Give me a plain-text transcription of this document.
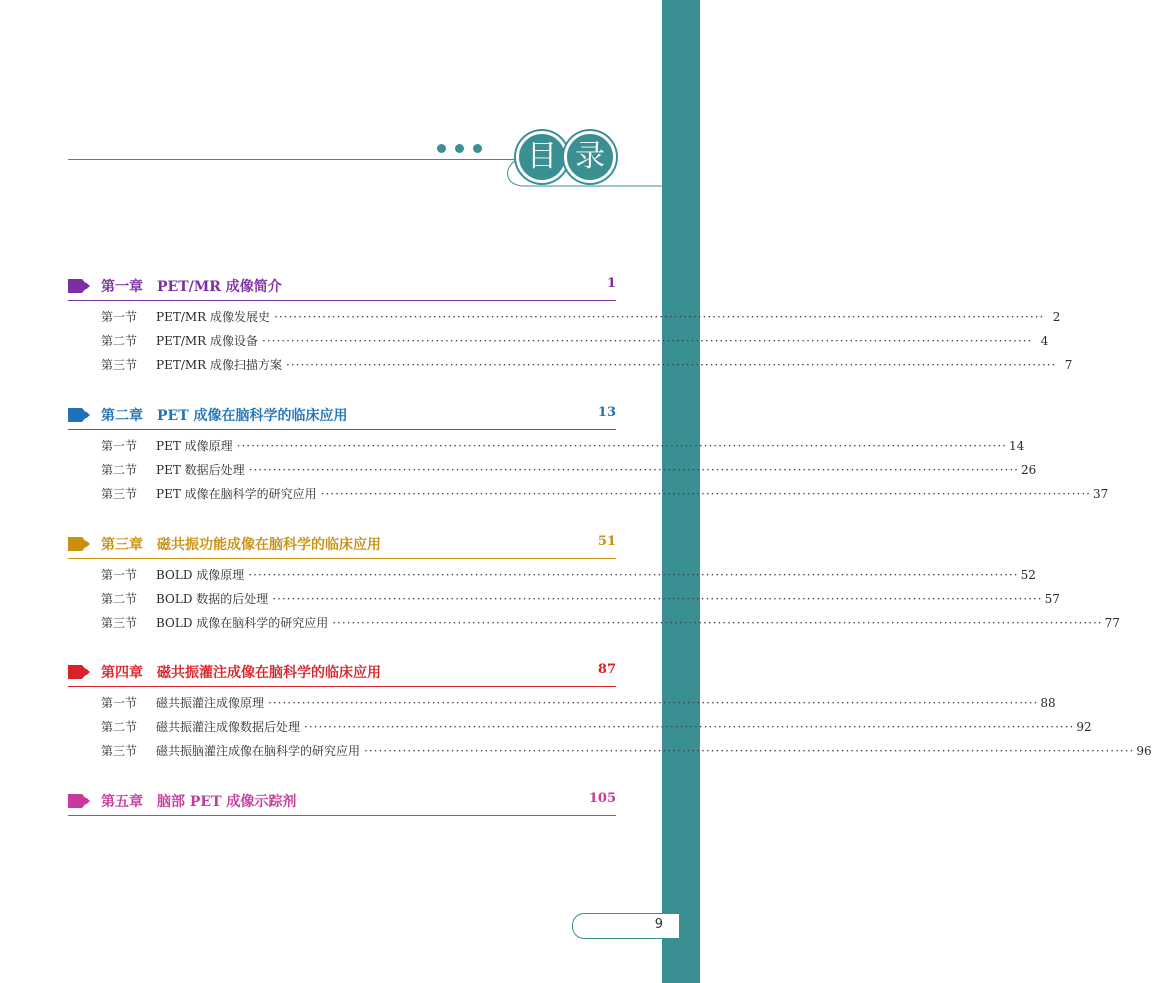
目 录
第一章　PET/MR 成像简介	1
第一节	PET/MR 成像发展史 ································································································································································ 2
第二节	PET/MR 成像设备 ································································································································································ 4
第三节	PET/MR 成像扫描方案 ································································································································································ 7
第二章　PET 成像在脑科学的临床应用	13
第一节	PET 成像原理 ································································································································································ 14
第二节	PET 数据后处理 ································································································································································ 26
第三节	PET 成像在脑科学的研究应用 ································································································································································ 37
第三章　磁共振功能成像在脑科学的临床应用	51
第一节	BOLD 成像原理 ································································································································································ 52
第二节	BOLD 数据的后处理 ································································································································································ 57
第三节	BOLD 成像在脑科学的研究应用 ································································································································································ 77
第四章　磁共振灌注成像在脑科学的临床应用	87
第一节	磁共振灌注成像原理 ································································································································································ 88
第二节	磁共振灌注成像数据后处理 ································································································································································ 92
第三节	磁共振脑灌注成像在脑科学的研究应用 ································································································································································ 96
第五章　脑部 PET 成像示踪剂	105
9
